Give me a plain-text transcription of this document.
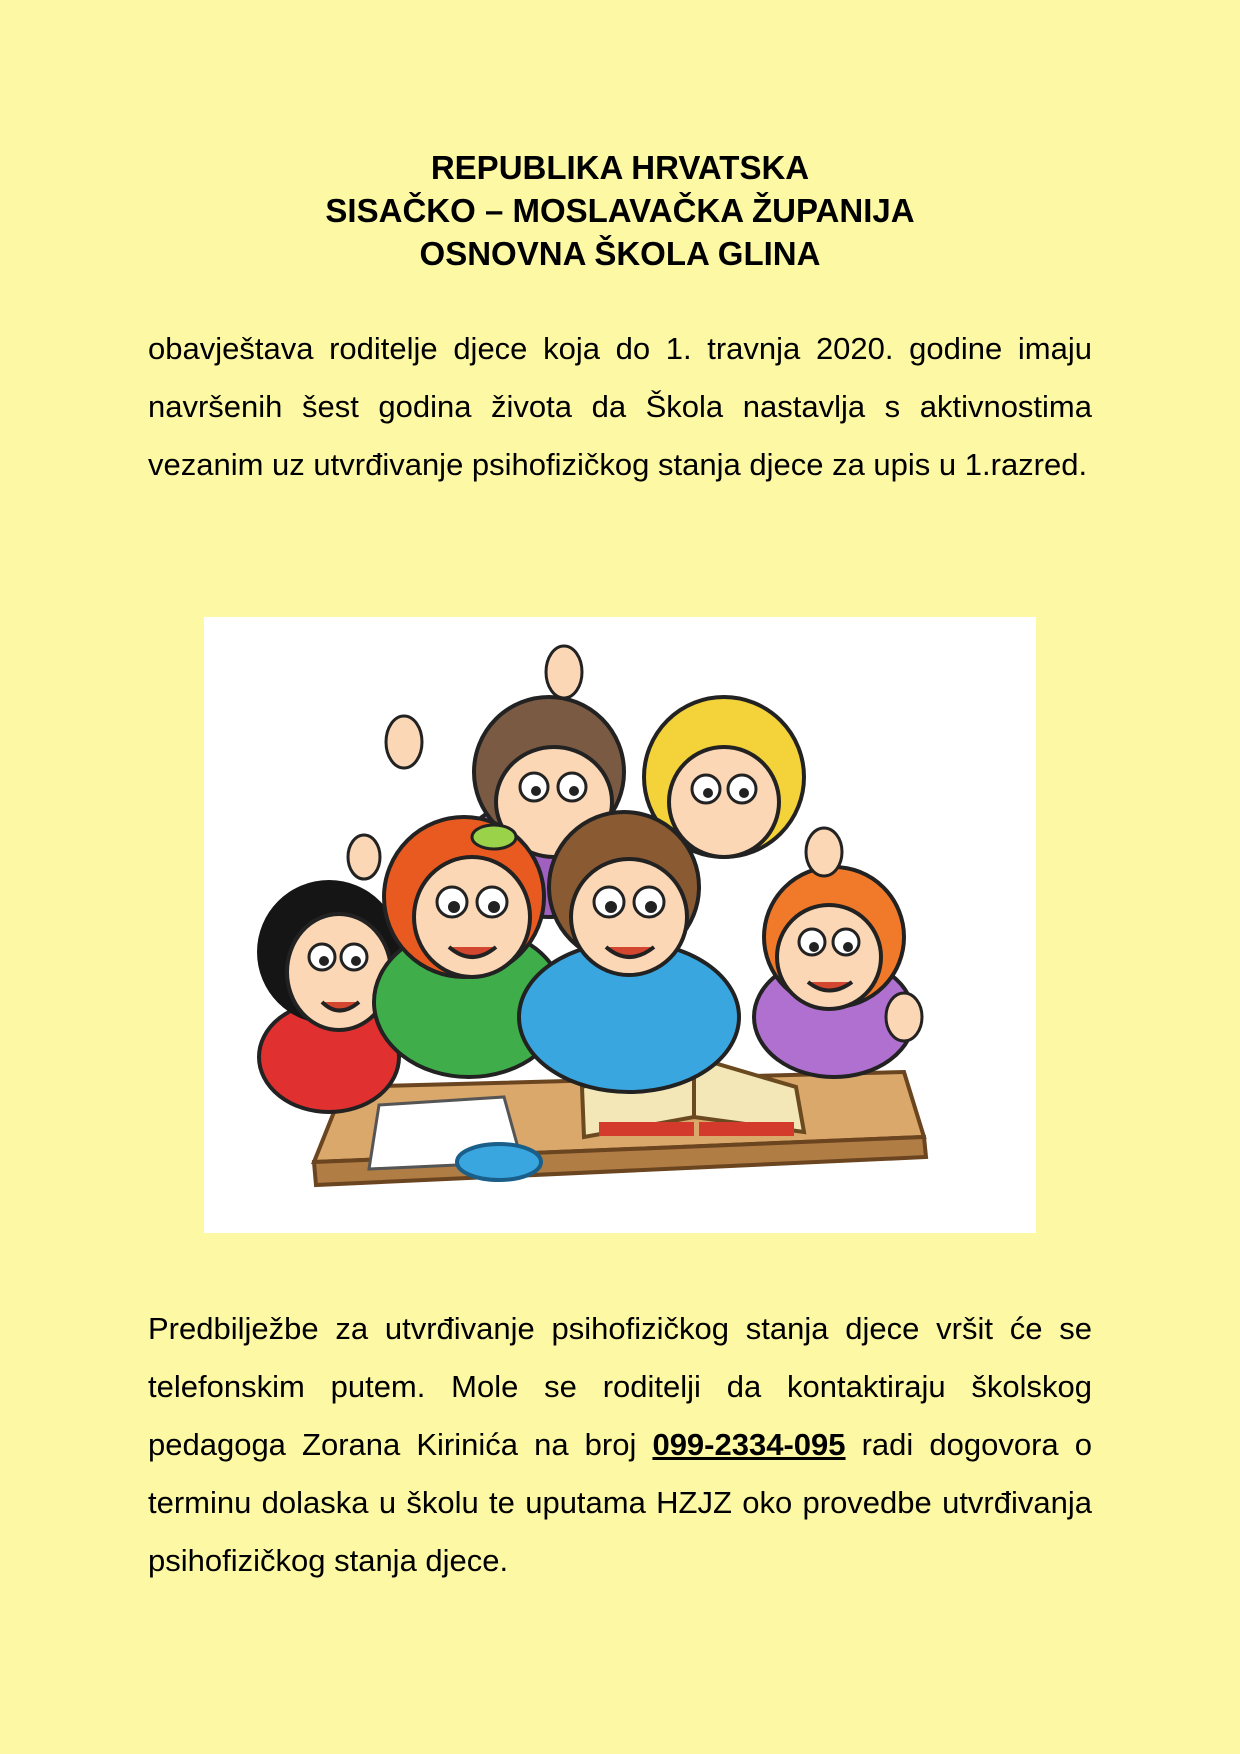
REPUBLIKA HRVATSKA
SISAČKO – MOSLAVAČKA ŽUPANIJA
OSNOVNA ŠKOLA GLINA

obavještava roditelje djece koja do 1. travnja 2020. godine imaju navršenih šest godina života da Škola nastavlja s aktivnostima vezanim uz utvrđivanje psihofizičkog stanja djece za upis u 1.razred.

Predbilježbe za utvrđivanje psihofizičkog stanja djece vršit će se telefonskim putem. Mole se roditelji da kontaktiraju školskog pedagoga Zorana Kirinića na broj 099-2334-095 radi dogovora o terminu dolaska u školu te uputama HZJZ oko provedbe utvrđivanja psihofizičkog stanja djece.
